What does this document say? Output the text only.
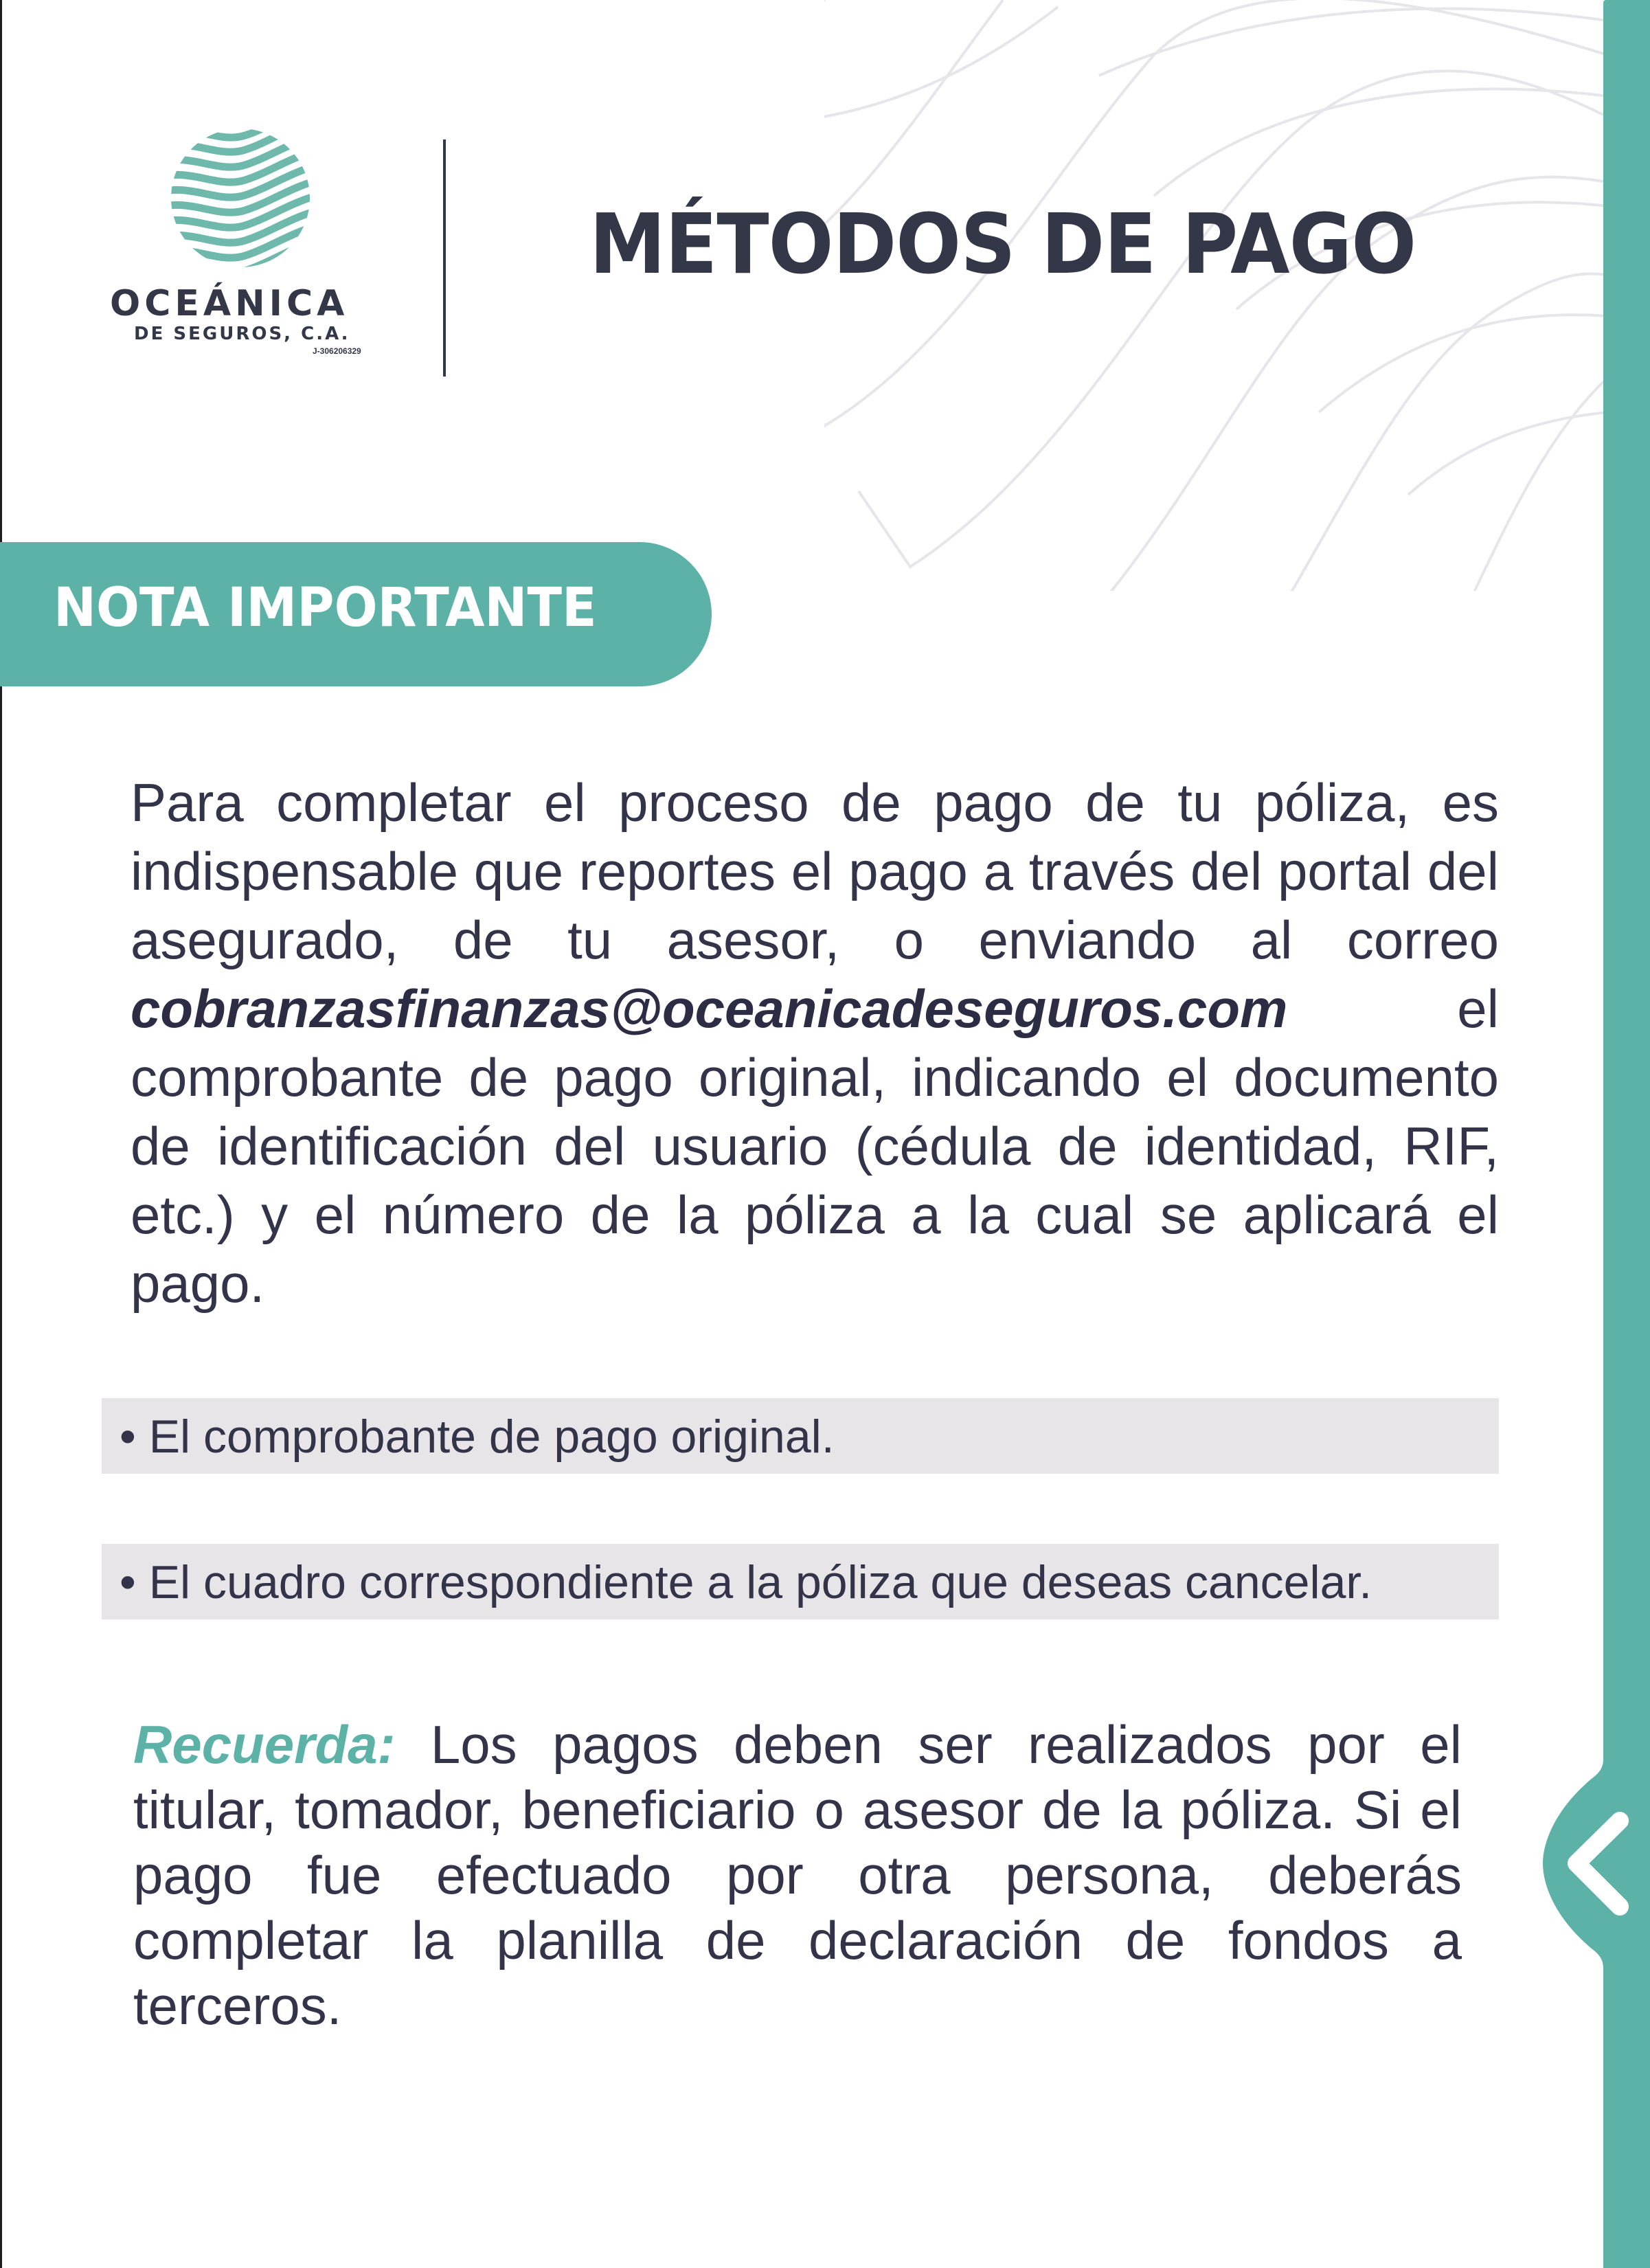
OCEÁNICA
DE SEGUROS, C.A.
J-306206329
MÉTODOS DE PAGO
NOTA IMPORTANTE
Para completar el proceso de pago de tu póliza, es indispensable que reportes el pago a través del portal del asegurado, de tu asesor, o enviando al correo cobranzasfinanzas@oceanicadeseguros.com el comprobante de pago original, indicando el documento de identificación del usuario (cédula de identidad, RIF, etc.) y el número de la póliza a la cual se aplicará el pago.
• El comprobante de pago original.
• El cuadro correspondiente a la póliza que deseas cancelar.
Recuerda: Los pagos deben ser realizados por el titular, tomador, beneficiario o asesor de la póliza. Si el pago fue efectuado por otra persona, deberás completar la planilla de declaración de fondos a terceros.
